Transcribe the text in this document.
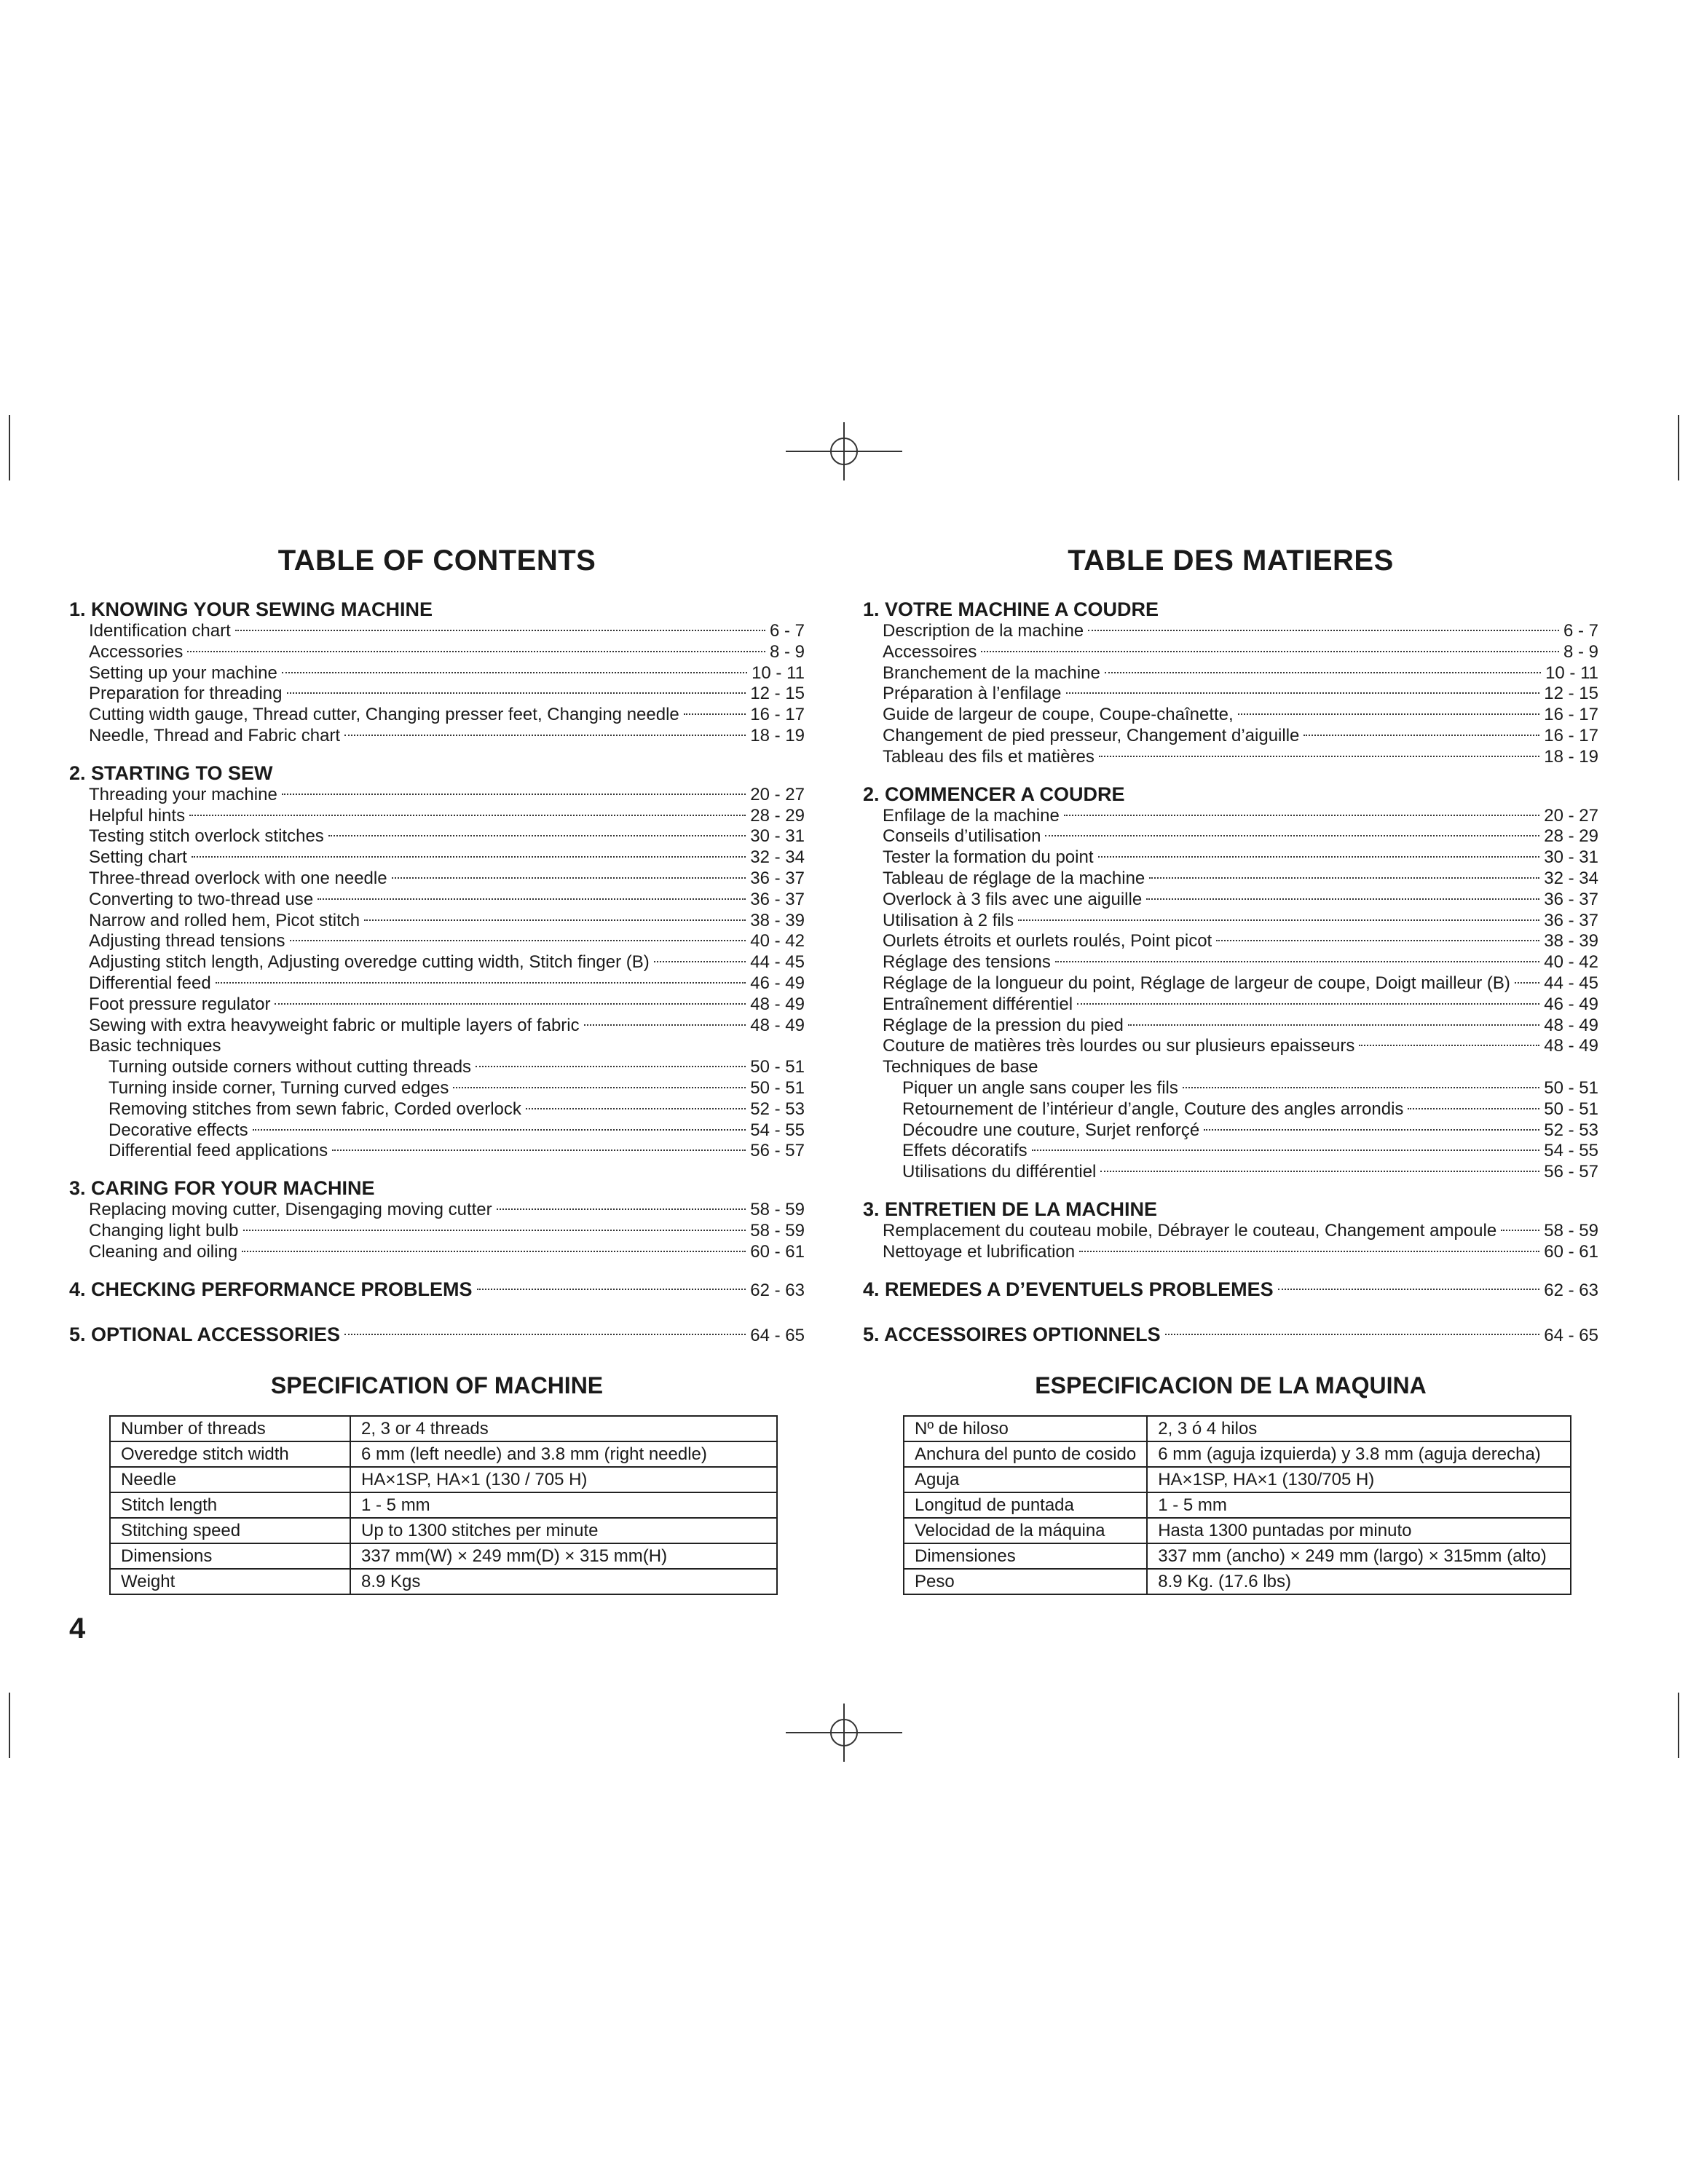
TABLE OF CONTENTS
1. KNOWING YOUR SEWING MACHINE
Identification chart	6 - 7
Accessories	8 - 9
Setting up your machine	10 - 11
Preparation for threading	12 - 15
Cutting width gauge, Thread cutter, Changing presser feet, Changing needle	16 - 17
Needle, Thread and Fabric chart	18 - 19
2. STARTING TO SEW
Threading your machine	20 - 27
Helpful hints	28 - 29
Testing stitch overlock stitches	30 - 31
Setting chart	32 - 34
Three-thread overlock with one needle	36 - 37
Converting to two-thread use	36 - 37
Narrow and rolled hem, Picot stitch	38 - 39
Adjusting thread tensions	40 - 42
Adjusting stitch length, Adjusting overedge cutting width, Stitch finger (B)	44 - 45
Differential feed	46 - 49
Foot pressure regulator	48 - 49
Sewing with extra heavyweight fabric or multiple layers of fabric	48 - 49
Basic techniques
Turning outside corners without cutting threads	50 - 51
Turning inside corner, Turning curved edges	50 - 51
Removing stitches from sewn fabric, Corded overlock	52 - 53
Decorative effects	54 - 55
Differential feed applications	56 - 57
3. CARING FOR YOUR MACHINE
Replacing moving cutter, Disengaging moving cutter	58 - 59
Changing light bulb	58 - 59
Cleaning and oiling	60 - 61
4. CHECKING PERFORMANCE PROBLEMS	62 - 63
5. OPTIONAL ACCESSORIES	64 - 65
SPECIFICATION OF MACHINE
Number of threads	2, 3 or 4 threads
Overedge stitch width	6 mm (left needle) and 3.8 mm (right needle)
Needle	HA×1SP, HA×1 (130 / 705 H)
Stitch length	1 - 5 mm
Stitching speed	Up to 1300 stitches per minute
Dimensions	337 mm(W) × 249 mm(D) × 315 mm(H)
Weight	8.9 Kgs
TABLE DES MATIERES
1. VOTRE MACHINE A COUDRE
Description de la machine	6 - 7
Accessoires	8 - 9
Branchement de la machine	10 - 11
Préparation à l’enfilage	12 - 15
Guide de largeur de coupe, Coupe-chaînette,	16 - 17
Changement de pied presseur, Changement d’aiguille	16 - 17
Tableau des fils et matières	18 - 19
2. COMMENCER A COUDRE
Enfilage de la machine	20 - 27
Conseils d’utilisation	28 - 29
Tester la formation du point	30 - 31
Tableau de réglage de la machine	32 - 34
Overlock à 3 fils avec une aiguille	36 - 37
Utilisation à 2 fils	36 - 37
Ourlets étroits et ourlets roulés, Point picot	38 - 39
Réglage des tensions	40 - 42
Réglage de la longueur du point, Réglage de largeur de coupe, Doigt mailleur (B) 44 - 45
Entraînement différentiel	46 - 49
Réglage de la pression du pied	48 - 49
Couture de matières très lourdes ou sur plusieurs epaisseurs	48 - 49
Techniques de base
Piquer un angle sans couper les fils	50 - 51
Retournement de l’intérieur d’angle, Couture des angles arrondis	50 - 51
Découdre une couture, Surjet renforçé	52 - 53
Effets décoratifs	54 - 55
Utilisations du différentiel	56 - 57
3. ENTRETIEN DE LA MACHINE
Remplacement du couteau mobile, Débrayer le couteau, Changement ampoule	58 - 59
Nettoyage et lubrification	60 - 61
4. REMEDES A D’EVENTUELS PROBLEMES	62 - 63
5. ACCESSOIRES OPTIONNELS	64 - 65
ESPECIFICACION DE LA MAQUINA
Nº de hiloso	2, 3 ó 4 hilos
Anchura del punto de cosido	6 mm (aguja izquierda) y 3.8 mm (aguja derecha)
Aguja	HA×1SP, HA×1 (130/705 H)
Longitud de puntada	1 - 5 mm
Velocidad de la máquina	Hasta 1300 puntadas por minuto
Dimensiones	337 mm (ancho) × 249 mm (largo) × 315mm (alto)
Peso	8.9 Kg. (17.6 lbs)
4
